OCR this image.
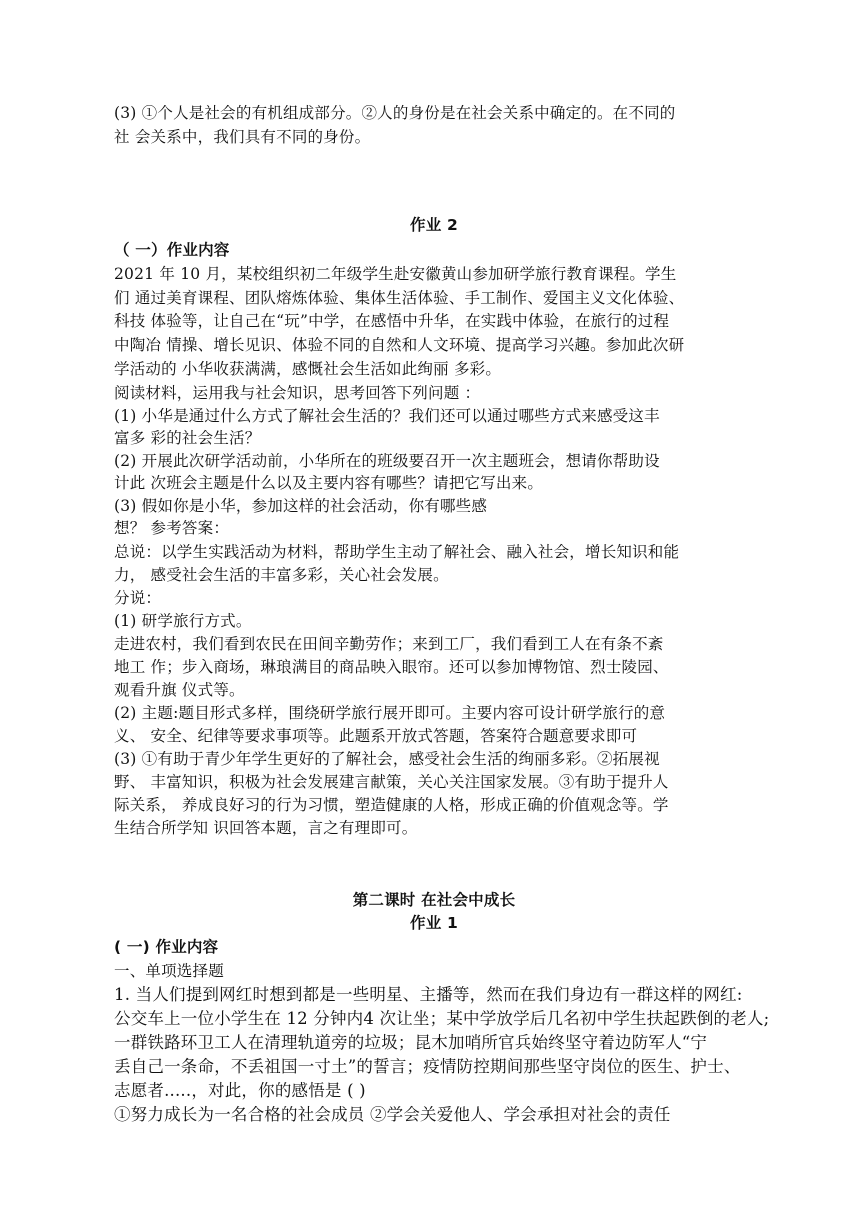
(3) ①个人是社会的有机组成部分。②人的身份是在社会关系中确定的。在不同的
社 会关系中，我们具有不同的身份。
作业 2
（ 一）作业内容
2021 年 10 月，某校组织初二年级学生赴安徽黄山参加研学旅行教育课程。学生
们 通过美育课程、团队熔炼体验、集体生活体验、手工制作、爱国主义文化体验、
科技 体验等，让自己在“玩”中学，在感悟中升华，在实践中体验，在旅行的过程
中陶冶 情操、增长见识、体验不同的自然和人文环境、提高学习兴趣。参加此次研
学活动的 小华收获满满，感慨社会生活如此绚丽 多彩。
阅读材料，运用我与社会知识，思考回答下列问题 ：
(1) 小华是通过什么方式了解社会生活的？我们还可以通过哪些方式来感受这丰
富多 彩的社会生活？
(2) 开展此次研学活动前，小华所在的班级要召开一次主题班会，想请你帮助设
计此 次班会主题是什么以及主要内容有哪些？请把它写出来。
(3) 假如你是小华，参加这样的社会活动，你有哪些感
想？ 参考答案：
总说：以学生实践活动为材料，帮助学生主动了解社会、融入社会，增长知识和能
力， 感受社会生活的丰富多彩，关心社会发展。
分说：
(1) 研学旅行方式。
走进农村，我们看到农民在田间辛勤劳作；来到工厂，我们看到工人在有条不紊
地工 作；步入商场，琳琅满目的商品映入眼帘。还可以参加博物馆、烈士陵园、
观看升旗 仪式等。
(2) 主题:题目形式多样，围绕研学旅行展开即可。主要内容可设计研学旅行的意
义、 安全、纪律等要求事项等。此题系开放式答题，答案符合题意要求即可
(3) ①有助于青少年学生更好的了解社会，感受社会生活的绚丽多彩。②拓展视
野、 丰富知识，积极为社会发展建言献策，关心关注国家发展。③有助于提升人
际关系， 养成良好习的行为习惯，塑造健康的人格，形成正确的价值观念等。学
生结合所学知 识回答本题，言之有理即可。
第二课时 在社会中成长
作业 1
( 一) 作业内容
一、单项选择题
1. 当人们提到网红时想到都是一些明星、主播等，然而在我们身边有一群这样的网红:
公交车上一位小学生在 12 分钟内4 次让坐；某中学放学后几名初中学生扶起跌倒的老人;
一群铁路环卫工人在清理轨道旁的垃圾；昆木加哨所官兵始终坚守着边防军人“宁
丢自己一条命，不丢祖国一寸土”的誓言；疫情防控期间那些坚守岗位的医生、护士、
志愿者.....，对此，你的感悟是 ( )
①努力成长为一名合格的社会成员 ②学会关爱他人、学会承担对社会的责任
